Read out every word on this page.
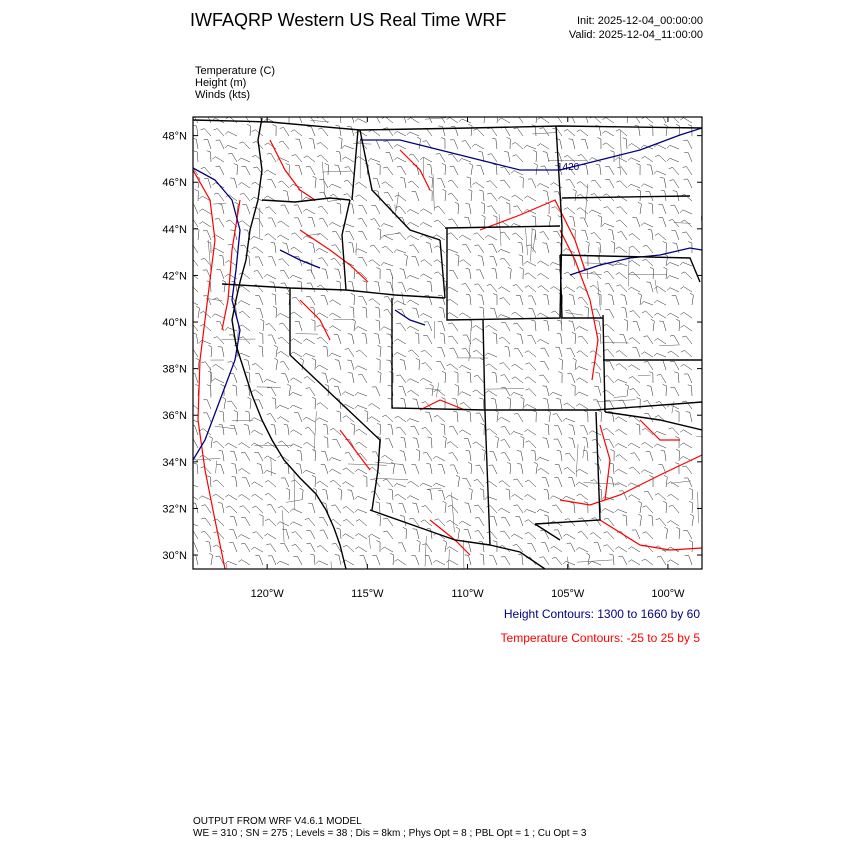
IWFAQRP Western US Real Time WRF	Init: 2025-12-04_00:00:00
Valid: 2025-12-04_11:00:00
Temperature (C)
Height (m)
Winds (kts)
48°N
46°N
44°N
42°N
40°N
38°N
36°N
34°N
32°N
30°N
120°W	115°W	110°W	105°W	100°W
1420
Height Contours: 1300 to 1660 by 60
Temperature Contours: -25 to 25 by 5
OUTPUT FROM WRF V4.6.1 MODEL
WE = 310 ; SN = 275 ; Levels = 38 ; Dis = 8km ; Phys Opt = 8 ; PBL Opt = 1 ; Cu Opt = 3
